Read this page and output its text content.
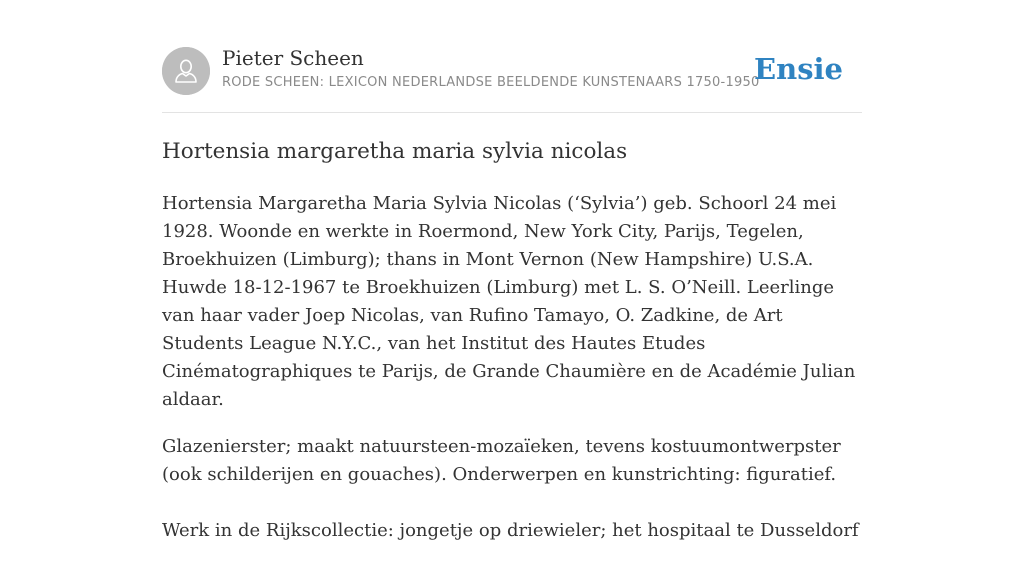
Pieter Scheen
RODE SCHEEN: LEXICON NEDERLANDSE BEELDENDE KUNSTENAARS 1750-1950
Ensie
Hortensia margaretha maria sylvia nicolas

Hortensia Margaretha Maria Sylvia Nicolas (‘Sylvia’) geb. Schoorl 24 mei 1928. Woonde en werkte in Roermond, New York City, Parijs, Tegelen, Broekhuizen (Limburg); thans in Mont Vernon (New Hampshire) U.S.A. Huwde 18-12-1967 te Broekhuizen (Limburg) met L. S. O’Neill. Leerlinge van haar vader Joep Nicolas, van Rufino Tamayo, O. Zadkine, de Art Students League N.Y.C., van het Institut des Hautes Etudes Cinématographiques te Parijs, de Grande Chaumière en de Académie Julian aldaar.

Glazenierster; maakt natuursteen-mozaïeken, tevens kostuumontwerpster (ook schilderijen en gouaches). Onderwerpen en kunstrichting: figuratief.

Werk in de Rijkscollectie: jongetje op driewieler; het hospitaal te Dusseldorf
